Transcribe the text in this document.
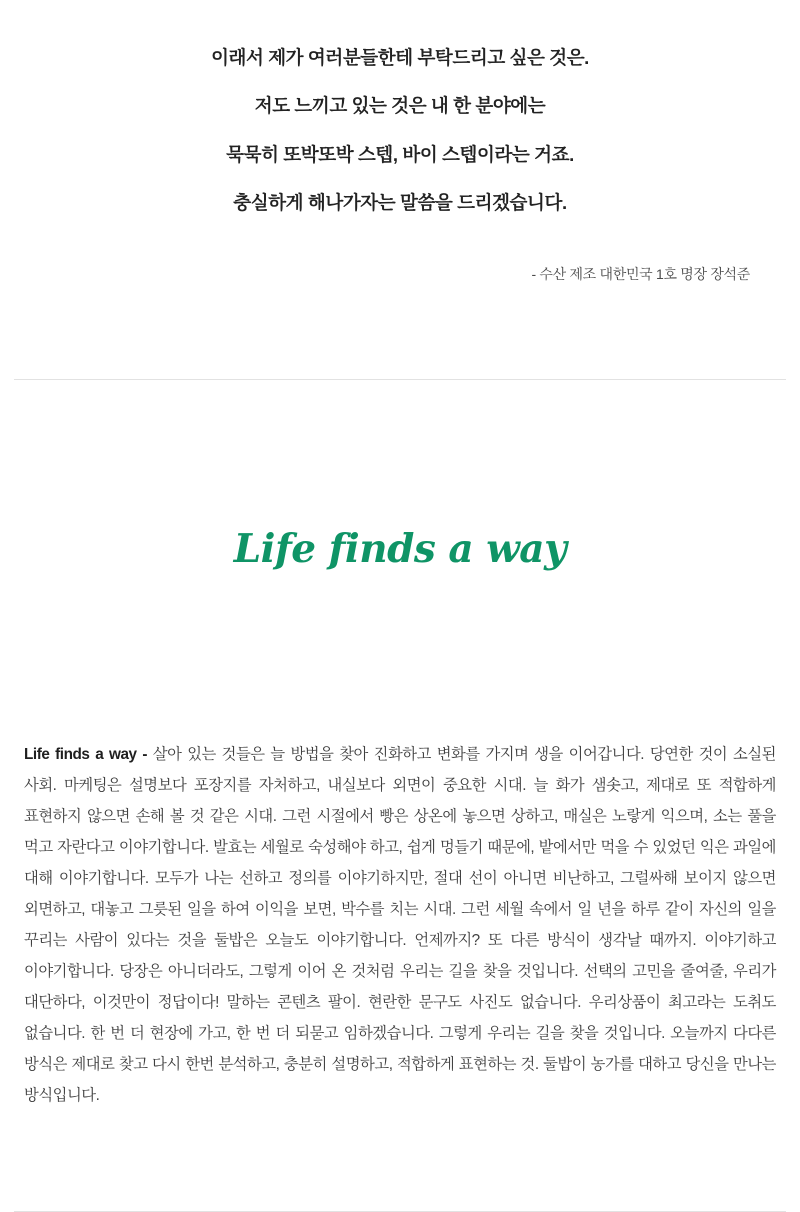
이래서 제가 여러분들한테 부탁드리고 싶은 것은.

저도 느끼고 있는 것은 내 한 분야에는

묵묵히 또박또박 스텝, 바이 스텝이라는 거죠.

충실하게 해나가자는 말씀을 드리겠습니다.

- 수산 제조 대한민국 1호 명장 장석준

Life finds a way

Life finds a way - 살아 있는 것들은 늘 방법을 찾아 진화하고 변화를 가지며 생을 이어갑니다. 당연한 것이 소실된 사회. 마케팅은 설명보다 포장지를 자처하고, 내실보다 외면이 중요한 시대. 늘 화가 샘솟고, 제대로 또 적합하게 표현하지 않으면 손해 볼 것 같은 시대. 그런 시절에서 빵은 상온에 놓으면 상하고, 매실은 노랗게 익으며, 소는 풀을 먹고 자란다고 이야기합니다. 발효는 세월로 숙성해야 하고, 쉽게 멍들기 때문에, 밭에서만 먹을 수 있었던 익은 과일에 대해 이야기합니다. 모두가 나는 선하고 정의를 이야기하지만, 절대 선이 아니면 비난하고, 그럴싸해 보이지 않으면 외면하고, 대놓고 그릇된 일을 하여 이익을 보면, 박수를 치는 시대. 그런 세월 속에서 일 년을 하루 같이 자신의 일을 꾸리는 사람이 있다는 것을 둘밥은 오늘도 이야기합니다. 언제까지? 또 다른 방식이 생각날 때까지. 이야기하고 이야기합니다. 당장은 아니더라도, 그렇게 이어 온 것처럼 우리는 길을 찾을 것입니다. 선택의 고민을 줄여줄, 우리가 대단하다, 이것만이 정답이다! 말하는 콘텐츠 팔이. 현란한 문구도 사진도 없습니다. 우리상품이 최고라는 도취도 없습니다. 한 번 더 현장에 가고, 한 번 더 되묻고 임하겠습니다. 그렇게 우리는 길을 찾을 것입니다. 오늘까지 다다른 방식은 제대로 찾고 다시 한번 분석하고, 충분히 설명하고, 적합하게 표현하는 것. 둘밥이 농가를 대하고 당신을 만나는 방식입니다.
